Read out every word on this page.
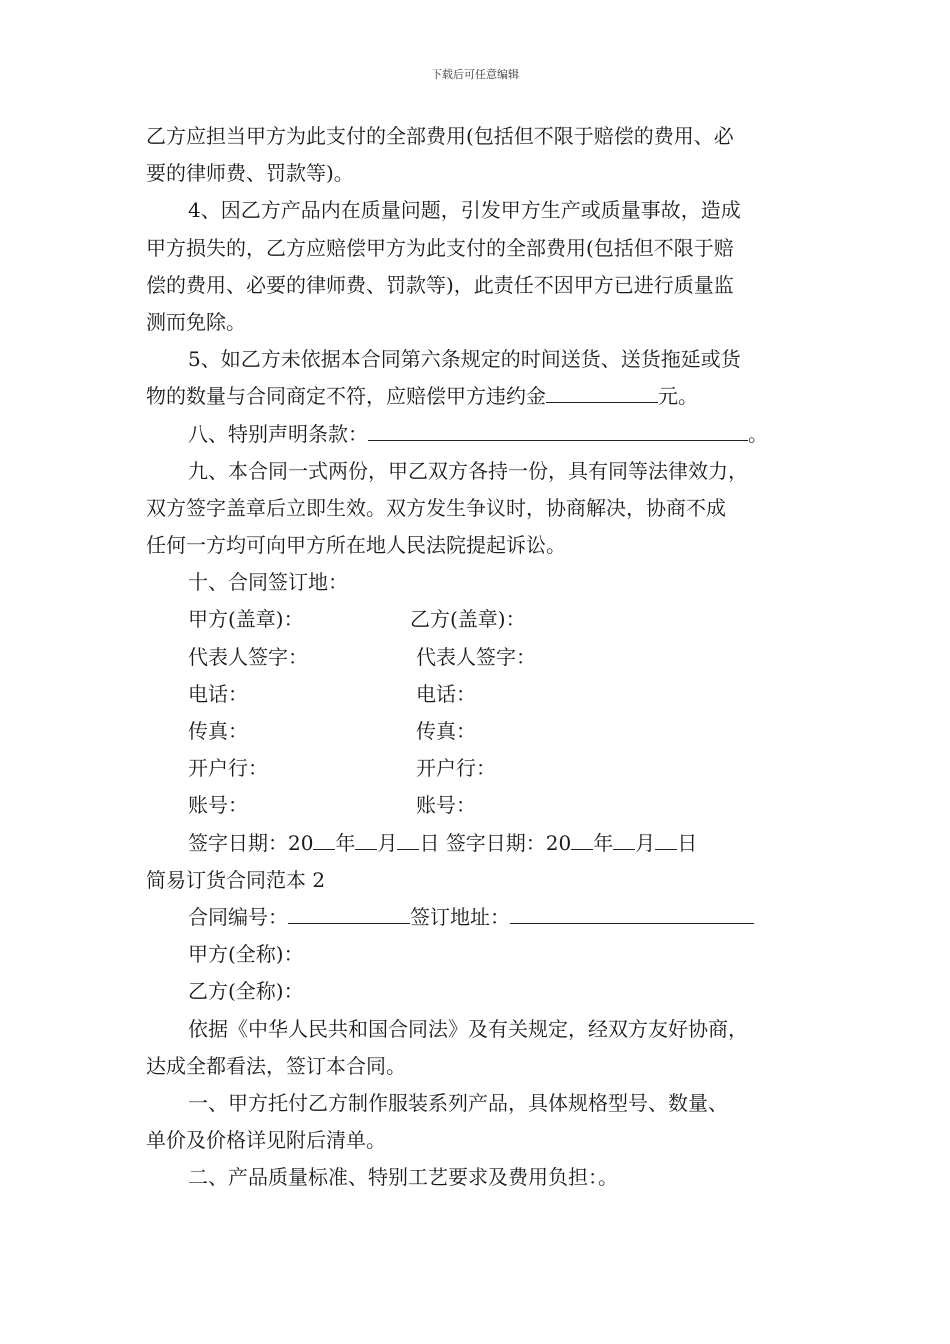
下载后可任意编辑
乙方应担当甲方为此支付的全部费用(包括但不限于赔偿的费用、必
要的律师费、罚款等)。
4、因乙方产品内在质量问题，引发甲方生产或质量事故，造成
甲方损失的，乙方应赔偿甲方为此支付的全部费用(包括但不限于赔
偿的费用、必要的律师费、罚款等)，此责任不因甲方已进行质量监
测而免除。
5、如乙方未依据本合同第六条规定的时间送货、送货拖延或货
物的数量与合同商定不符，应赔偿甲方违约金	元。
八、特别声明条款：	。
九、本合同一式两份，甲乙双方各持一份，具有同等法律效力，
双方签字盖章后立即生效。双方发生争议时，协商解决，协商不成
任何一方均可向甲方所在地人民法院提起诉讼。
十、合同签订地：
甲方(盖章)：	乙方(盖章)：
代表人签字：	代表人签字：
电话：	电话：
传真：	传真：
开户行：	开户行：
账号：	账号：
签字日期：20 年 月 日 签字日期：20 年 月 日
简易订货合同范本 2
合同编号：	签订地址：
甲方(全称)：
乙方(全称)：
依据《中华人民共和国合同法》及有关规定，经双方友好协商，
达成全都看法，签订本合同。
一、甲方托付乙方制作服装系列产品，具体规格型号、数量、
单价及价格详见附后清单。
二、产品质量标准、特别工艺要求及费用负担：。
